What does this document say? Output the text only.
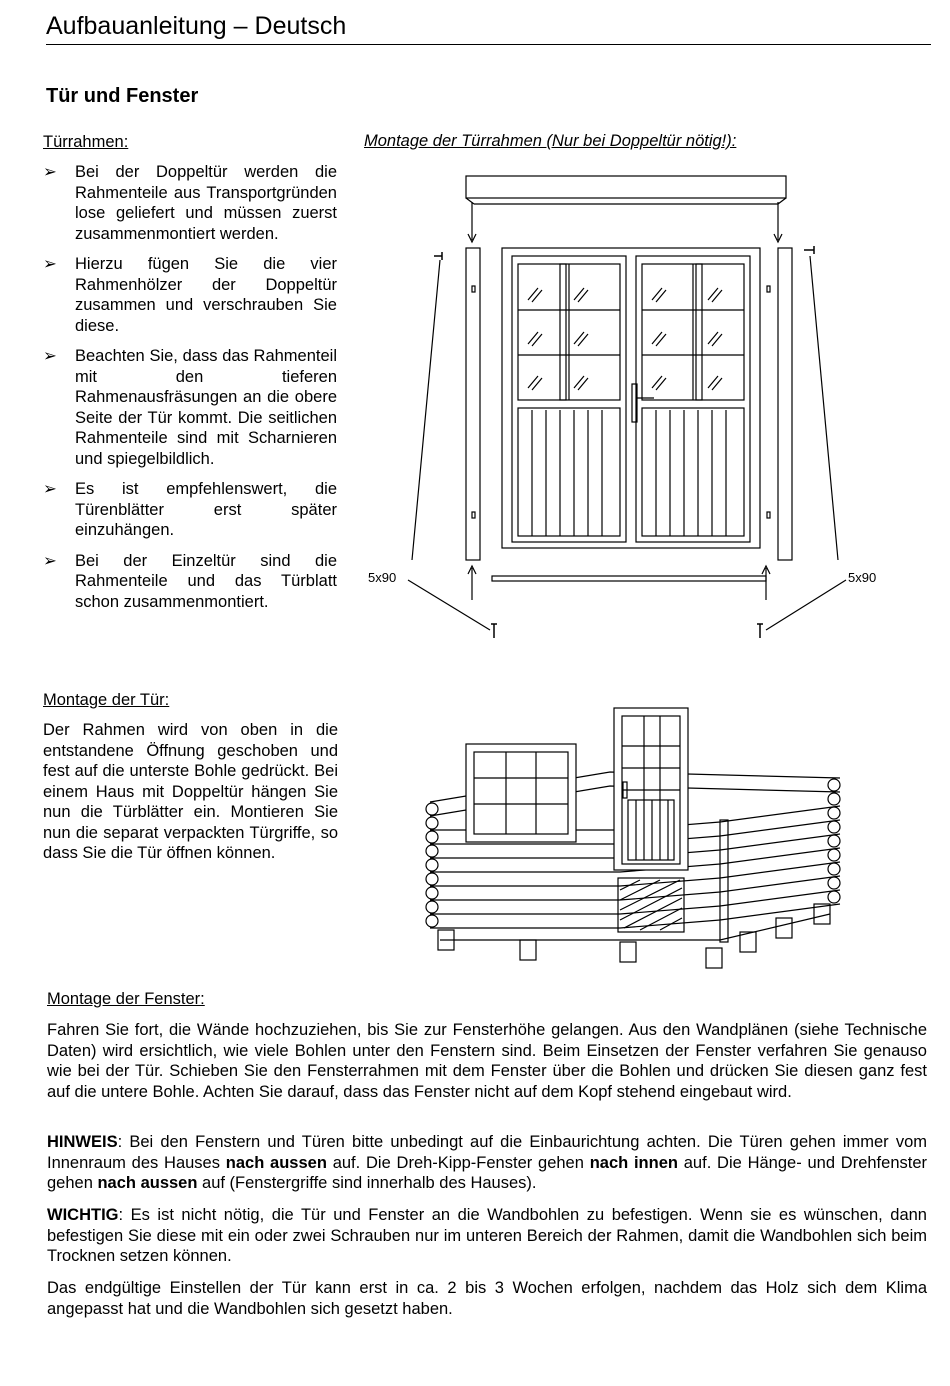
Aufbauanleitung – Deutsch
Tür und Fenster
Türrahmen:
➢ Bei der Doppeltür werden die Rahmenteile aus Transportgründen lose geliefert und müssen zuerst zusammenmontiert werden.
➢ Hierzu fügen Sie die vier Rahmenhölzer der Doppeltür zusammen und verschrauben Sie diese.
➢ Beachten Sie, dass das Rahmenteil mit den tieferen Rahmenausfräsungen an die obere Seite der Tür kommt. Die seitlichen Rahmenteile sind mit Scharnieren und spiegelbildlich.
➢ Es ist empfehlenswert, die Türenblätter erst später einzuhängen.
➢ Bei der Einzeltür sind die Rahmenteile und das Türblatt schon zusammenmontiert.
Montage der Türrahmen (Nur bei Doppeltür nötig!):
5x90	5x90
Montage der Tür:
Der Rahmen wird von oben in die entstandene Öffnung geschoben und fest auf die unterste Bohle gedrückt. Bei einem Haus mit Doppeltür hängen Sie nun die Türblätter ein. Montieren Sie nun die separat verpackten Türgriffe, so dass Sie die Tür öffnen können.
Montage der Fenster:
Fahren Sie fort, die Wände hochzuziehen, bis Sie zur Fensterhöhe gelangen. Aus den Wandplänen (siehe Technische Daten) wird ersichtlich, wie viele Bohlen unter den Fenstern sind. Beim Einsetzen der Fenster verfahren Sie genauso wie bei der Tür. Schieben Sie den Fensterrahmen mit dem Fenster über die Bohlen und drücken Sie diesen ganz fest auf die untere Bohle. Achten Sie darauf, dass das Fenster nicht auf dem Kopf stehend eingebaut wird.
HINWEIS: Bei den Fenstern und Türen bitte unbedingt auf die Einbaurichtung achten. Die Türen gehen immer vom Innenraum des Hauses nach aussen auf. Die Dreh-Kipp-Fenster gehen nach innen auf. Die Hänge- und Drehfenster gehen nach aussen auf (Fenstergriffe sind innerhalb des Hauses).
WICHTIG: Es ist nicht nötig, die Tür und Fenster an die Wandbohlen zu befestigen. Wenn sie es wünschen, dann befestigen Sie diese mit ein oder zwei Schrauben nur im unteren Bereich der Rahmen, damit die Wandbohlen sich beim Trocknen setzen können.
Das endgültige Einstellen der Tür kann erst in ca. 2 bis 3 Wochen erfolgen, nachdem das Holz sich dem Klima angepasst hat und die Wandbohlen sich gesetzt haben.
